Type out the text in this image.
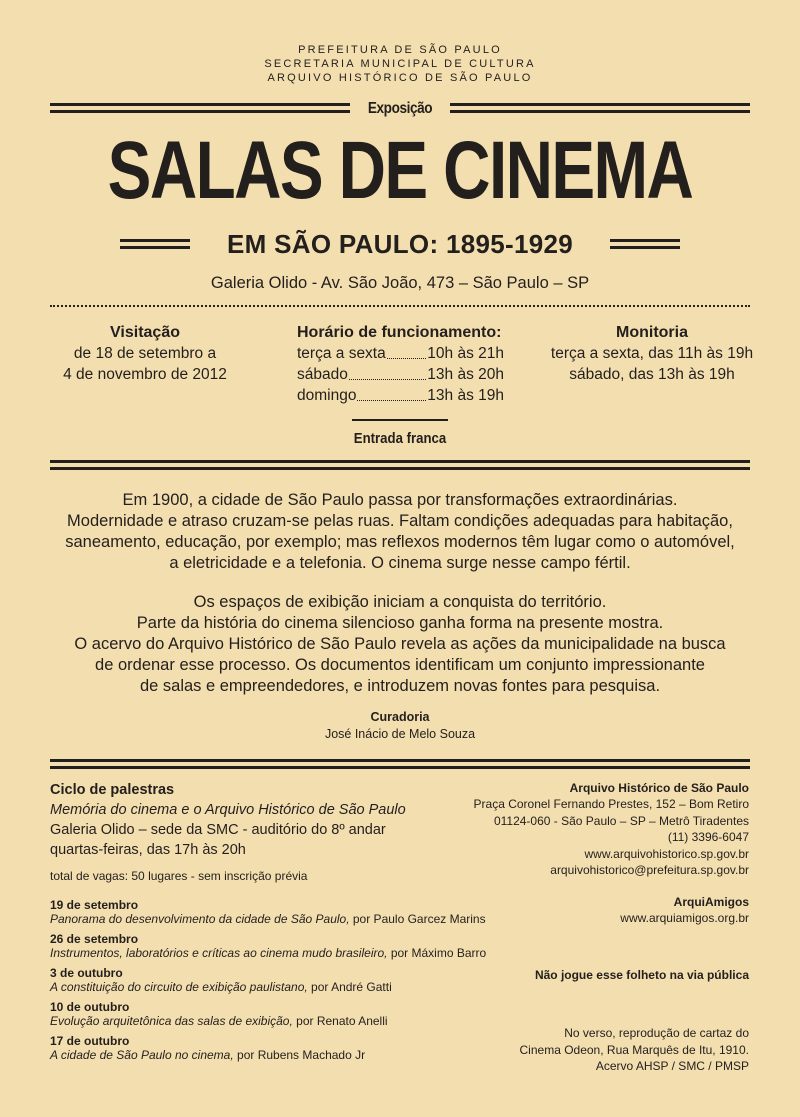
PREFEITURA DE SÃO PAULO
SECRETARIA MUNICIPAL DE CULTURA
ARQUIVO HISTÓRICO DE SÃO PAULO
Exposição
SALAS DE CINEMA
EM SÃO PAULO: 1895-1929
Galeria Olido - Av. São João, 473 – São Paulo – SP
Visitação
de 18 de setembro a
4 de novembro de 2012
Horário de funcionamento:
terça a sexta	10h às 21h
sábado	13h às 20h
domingo	13h às 19h
Monitoria
terça a sexta, das 11h às 19h
sábado, das 13h às 19h
Entrada franca
Em 1900, a cidade de São Paulo passa por transformações extraordinárias.
Modernidade e atraso cruzam-se pelas ruas. Faltam condições adequadas para habitação,
saneamento, educação, por exemplo; mas reflexos modernos têm lugar como o automóvel,
a eletricidade e a telefonia. O cinema surge nesse campo fértil.
Os espaços de exibição iniciam a conquista do território.
Parte da história do cinema silencioso ganha forma na presente mostra.
O acervo do Arquivo Histórico de São Paulo revela as ações da municipalidade na busca
de ordenar esse processo. Os documentos identificam um conjunto impressionante
de salas e empreendedores, e introduzem novas fontes para pesquisa.
Curadoria
José Inácio de Melo Souza
Ciclo de palestras
Memória do cinema e o Arquivo Histórico de São Paulo
Galeria Olido – sede da SMC - auditório do 8º andar
quartas-feiras, das 17h às 20h
total de vagas: 50 lugares - sem inscrição prévia
19 de setembro
Panorama do desenvolvimento da cidade de São Paulo, por Paulo Garcez Marins
26 de setembro
Instrumentos, laboratórios e críticas ao cinema mudo brasileiro, por Máximo Barro
3 de outubro
A constituição do circuito de exibição paulistano, por André Gatti
10 de outubro
Evolução arquitetônica das salas de exibição, por Renato Anelli
17 de outubro
A cidade de São Paulo no cinema, por Rubens Machado Jr
Arquivo Histórico de São Paulo
Praça Coronel Fernando Prestes, 152 – Bom Retiro
01124-060 - São Paulo – SP – Metrô Tiradentes
(11) 3396-6047
www.arquivohistorico.sp.gov.br
arquivohistorico@prefeitura.sp.gov.br
ArquiAmigos
www.arquiamigos.org.br
Não jogue esse folheto na via pública
No verso, reprodução de cartaz do
Cinema Odeon, Rua Marquês de Itu, 1910.
Acervo AHSP / SMC / PMSP
